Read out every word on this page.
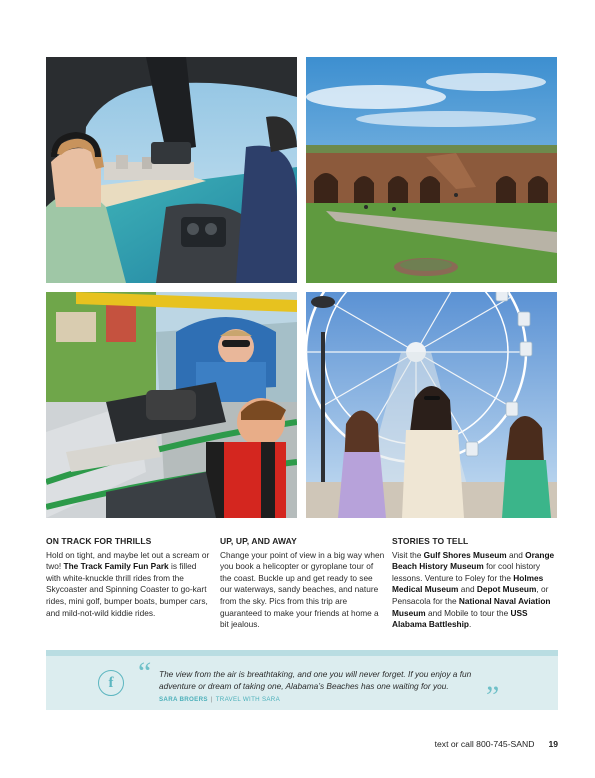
ON TRACK FOR THRILLS

Hold on tight, and maybe let out a scream or two! The Track Family Fun Park is filled with white-knuckle thrill rides from the Skycoaster and Spinning Coaster to go-kart rides, mini golf, bumper boats, bumper cars, and mild-not-wild kiddie rides.

UP, UP, AND AWAY

Change your point of view in a big way when you book a helicopter or gyroplane tour of the coast. Buckle up and get ready to see our waterways, sandy beaches, and nature from the sky. Pics from this trip are guaranteed to make your friends at home a bit jealous.

STORIES TO TELL

Visit the Gulf Shores Museum and Orange Beach History Museum for cool history lessons. Venture to Foley for the Holmes Medical Museum and Depot Museum, or Pensacola for the National Naval Aviation Museum and Mobile to tour the USS Alabama Battleship.

f “ The view from the air is breathtaking, and one you will never forget. If you enjoy a fun adventure or dream of taking one, Alabama’s Beaches has one waiting for you.
SARA BROERS | TRAVEL WITH SARA	”
text or call 800-745-SAND 19
